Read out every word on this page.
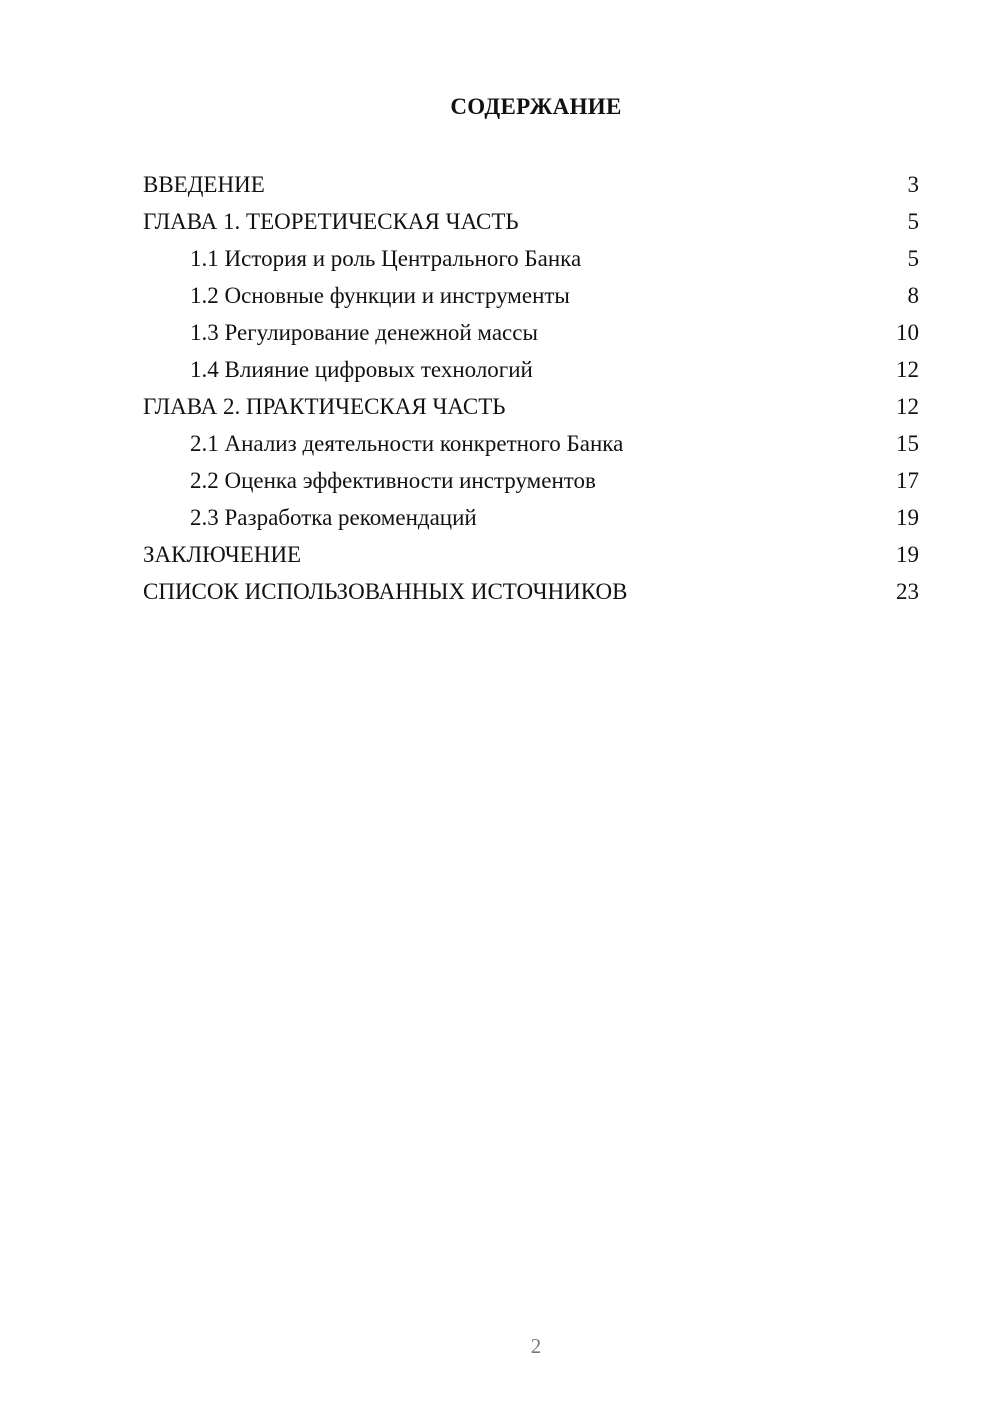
СОДЕРЖАНИЕ
ВВЕДЕНИЕ	3
ГЛАВА 1. ТЕОРЕТИЧЕСКАЯ ЧАСТЬ	5
1.1 История и роль Центрального Банка	5
1.2 Основные функции и инструменты	8
1.3 Регулирование денежной массы	10
1.4 Влияние цифровых технологий	12
ГЛАВА 2. ПРАКТИЧЕСКАЯ ЧАСТЬ	12
2.1 Анализ деятельности конкретного Банка	15
2.2 Оценка эффективности инструментов	17
2.3 Разработка рекомендаций	19
ЗАКЛЮЧЕНИЕ	19
СПИСОК ИСПОЛЬЗОВАННЫХ ИСТОЧНИКОВ	23
2
